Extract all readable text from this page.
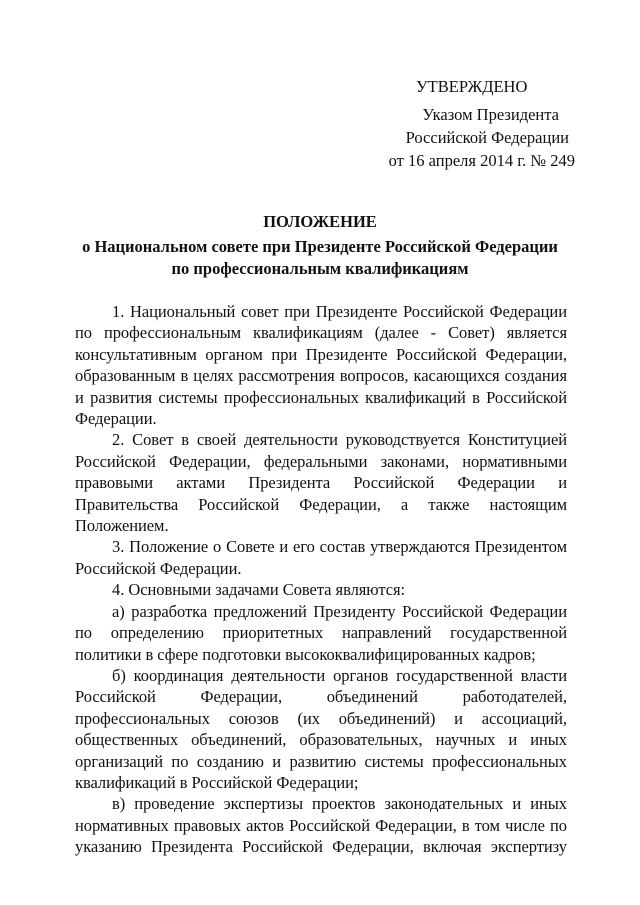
УТВЕРЖДЕНО
Указом Президента
Российской Федерации
от 16 апреля 2014 г. № 249
ПОЛОЖЕНИЕ
о Национальном совете при Президенте Российской Федерации
по профессиональным квалификациям

1. Национальный совет при Президенте Российской Федерации по профессиональным квалификациям (далее - Совет) является консультативным органом при Президенте Российской Федерации, образованным в целях рассмотрения вопросов, касающихся создания и развития системы профессиональных квалификаций в Российской Федерации.

2. Совет в своей деятельности руководствуется Конституцией Российской Федерации, федеральными законами, нормативными правовыми актами Президента Российской Федерации и Правительства Российской Федерации, а также настоящим Положением.

3. Положение о Совете и его состав утверждаются Президентом Российской Федерации.

4. Основными задачами Совета являются:

а) разработка предложений Президенту Российской Федерации по определению приоритетных направлений государственной политики в сфере подготовки высококвалифицированных кадров;

б) координация деятельности органов государственной власти Российской Федерации, объединений работодателей, профессиональных союзов (их объединений) и ассоциаций, общественных объединений, образовательных, научных и иных организаций по созданию и развитию системы профессиональных квалификаций в Российской Федерации;

в) проведение экспертизы проектов законодательных и иных нормативных правовых актов Российской Федерации, в том числе по указанию Президента Российской Федерации, включая экспертизу
